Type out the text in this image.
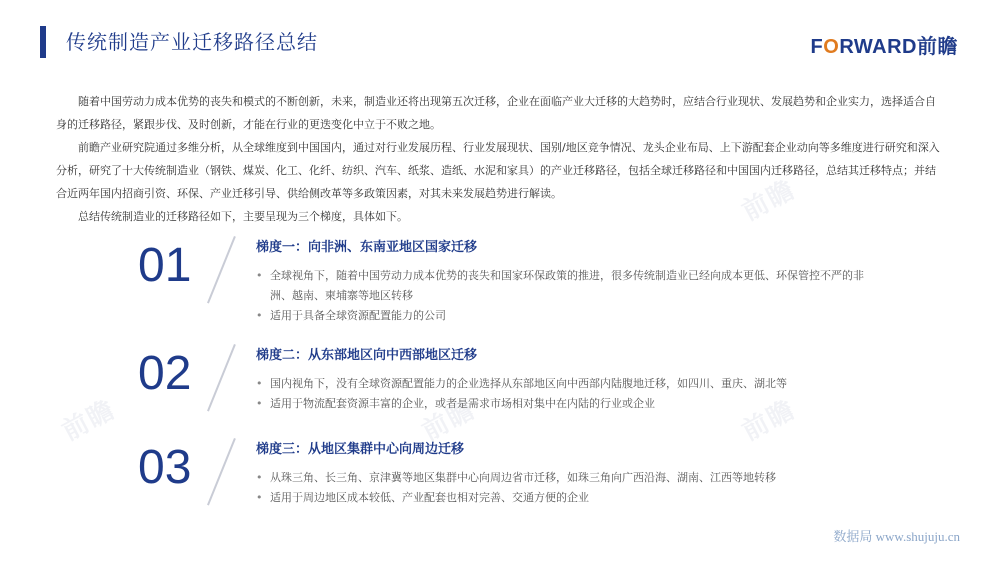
前瞻	前瞻
前瞻
前瞻
传统制造产业迁移路径总结	FORWARD前瞻

随着中国劳动力成本优势的丧失和模式的不断创新，未来，制造业还将出现第五次迁移，企业在面临产业大迁移的大趋势时，应结合行业现状、发展趋势和企业实力，选择适合自身的迁移路径，紧跟步伐、及时创新，才能在行业的更迭变化中立于不败之地。

前瞻产业研究院通过多维分析，从全球维度到中国国内，通过对行业发展历程、行业发展现状、国别/地区竞争情况、龙头企业布局、上下游配套企业动向等多维度进行研究和深入分析，研究了十大传统制造业（钢铁、煤炭、化工、化纤、纺织、汽车、纸浆、造纸、水泥和家具）的产业迁移路径，包括全球迁移路径和中国国内迁移路径，总结其迁移特点；并结合近两年国内招商引资、环保、产业迁移引导、供给侧改革等多政策因素，对其未来发展趋势进行解读。

总结传统制造业的迁移路径如下，主要呈现为三个梯度，具体如下。

01	梯度一：向非洲、东南亚地区国家迁移
• 全球视角下，随着中国劳动力成本优势的丧失和国家环保政策的推进，很多传统制造业已经向成本更低、环保管控不严的非洲、越南、柬埔寨等地区转移
• 适用于具备全球资源配置能力的公司
02	梯度二：从东部地区向中西部地区迁移
• 国内视角下，没有全球资源配置能力的企业选择从东部地区向中西部内陆腹地迁移，如四川、重庆、湖北等
• 适用于物流配套资源丰富的企业，或者是需求市场相对集中在内陆的行业或企业
03	梯度三：从地区集群中心向周边迁移
• 从珠三角、长三角、京津冀等地区集群中心向周边省市迁移，如珠三角向广西沿海、湖南、江西等地转移
• 适用于周边地区成本较低、产业配套也相对完善、交通方便的企业
数据局 www.shujuju.cn
